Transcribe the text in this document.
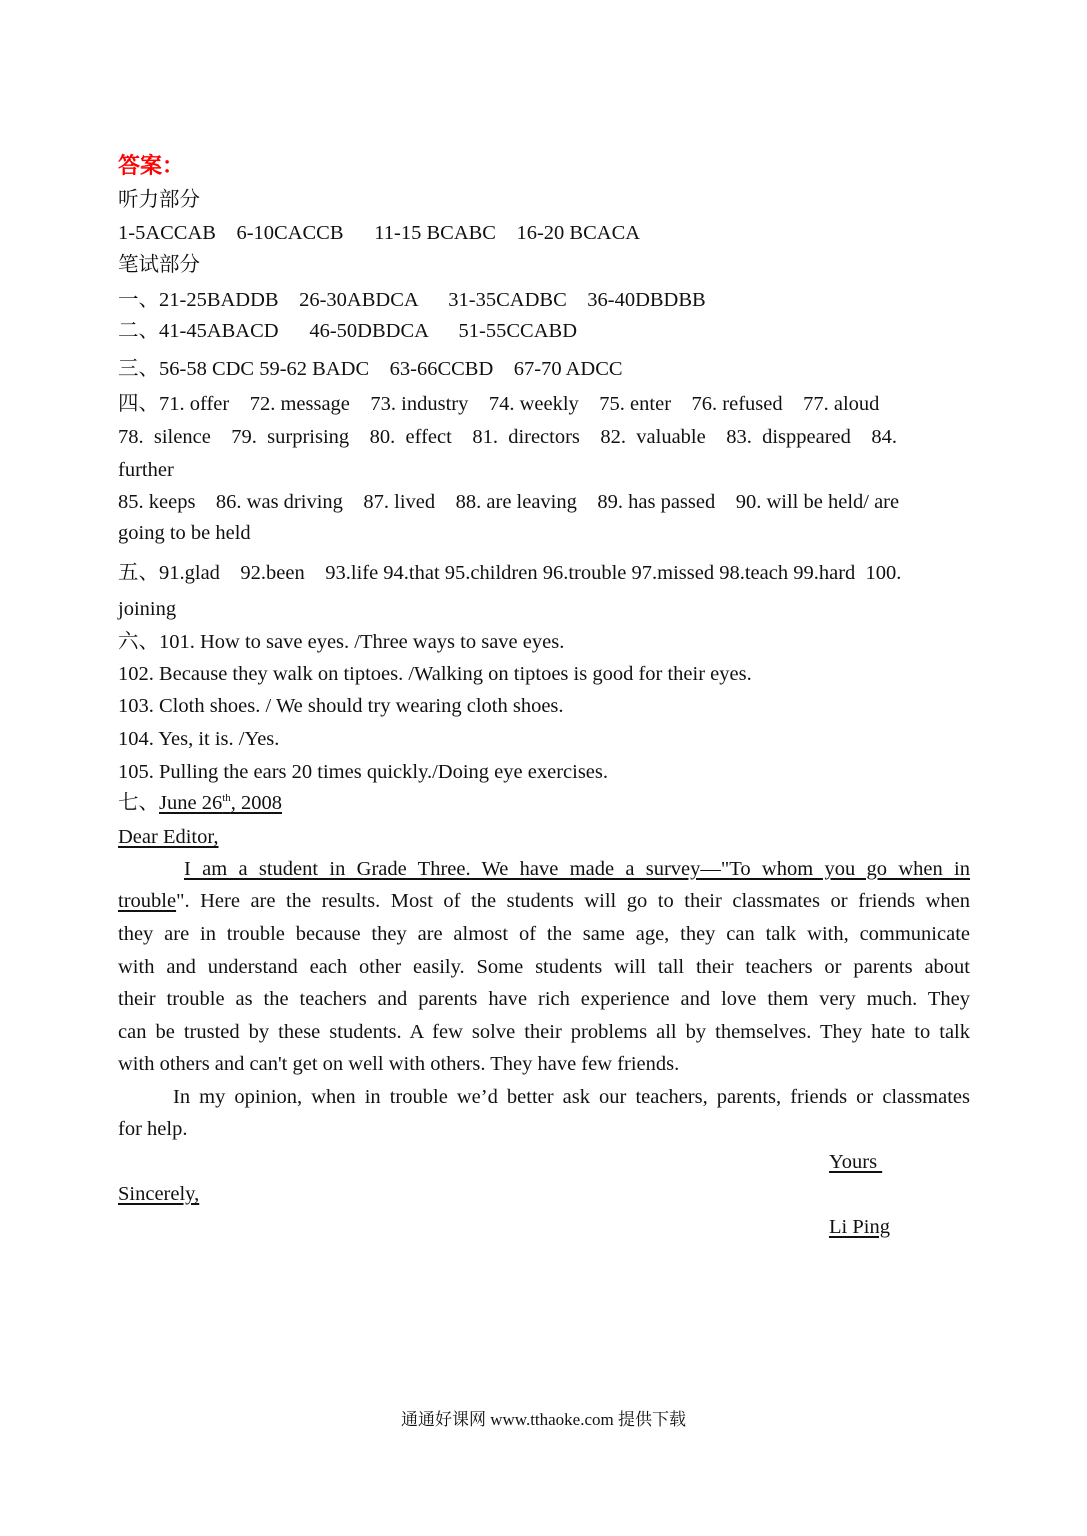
答案：
听力部分
1-5ACCAB    6-10CACCB      11-15 BCABC    16-20 BCACA
笔试部分
一、21-25BADDB    26-30ABDCA      31-35CADBC    36-40DBDBB
二、41-45ABACD      46-50DBDCA      51-55CCABD
三、56-58 CDC 59-62 BADC    63-66CCBD    67-70 ADCC
四、71. offer    72. message    73. industry    74. weekly    75. enter    76. refused    77. aloud
78.  silence    79.  surprising    80.  effect    81.  directors    82.  valuable    83.  disppeared    84.
further
85. keeps    86. was driving    87. lived    88. are leaving    89. has passed    90. will be held/ are
going to be held
五、91.glad    92.been    93.life 94.that 95.children 96.trouble 97.missed 98.teach 99.hard  100.
joining
六、101. How to save eyes. /Three ways to save eyes.
102. Because they walk on tiptoes. /Walking on tiptoes is good for their eyes.
103. Cloth shoes. / We should try wearing cloth shoes.
104. Yes, it is. /Yes.
105. Pulling the ears 20 times quickly./Doing eye exercises.
七、June 26th, 2008
Dear Editor,
I am a student in Grade Three. We have made a survey—"To whom you go when in
trouble". Here are the results. Most of the students will go to their classmates or friends when
they are in trouble because they are almost of the same age, they can talk with, communicate
with and understand each other easily. Some students will tall their teachers or parents about
their trouble as the teachers and parents have rich experience and love them very much. They
can be trusted by these students. A few solve their problems all by themselves. They hate to talk
with others and can't get on well with others. They have few friends.
In my opinion, when in trouble we’d better ask our teachers, parents, friends or classmates
for help.
Yours
Sincerely,
Li Ping
通通好课网 www.tthaoke.com 提供下载
